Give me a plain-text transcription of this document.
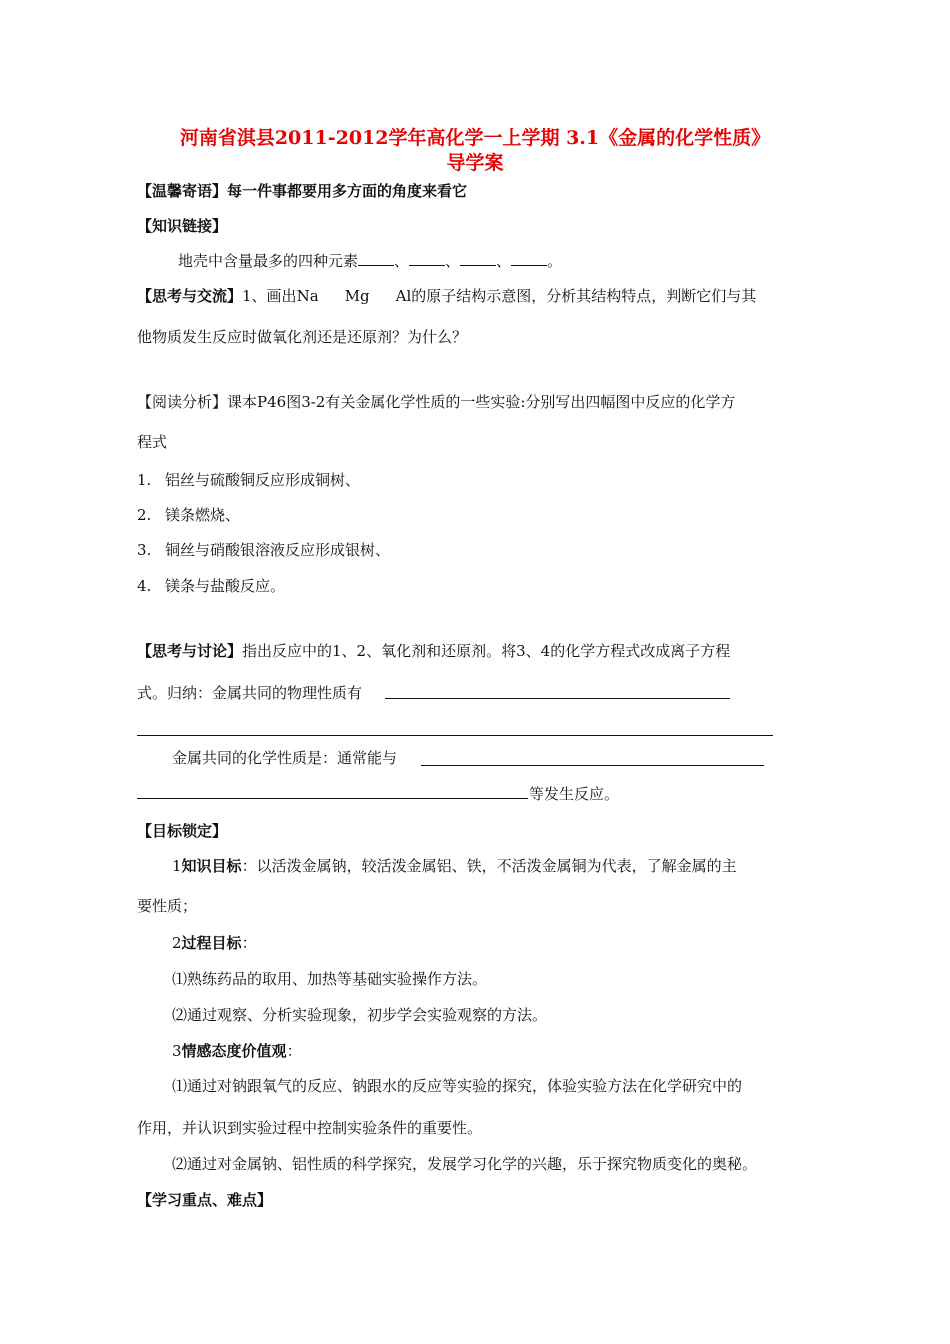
河南省淇县2011-2012学年高化学一上学期 3.1《金属的化学性质》
导学案
【温馨寄语】每一件事都要用多方面的角度来看它
【知识链接】
地壳中含量最多的四种元素 、 、 、 。
【思考与交流】1、画出Na Mg Al的原子结构示意图，分析其结构特点，判断它们与其
他物质发生反应时做氧化剂还是还原剂？为什么？
【阅读分析】课本P46图3-2有关金属化学性质的一些实验:分别写出四幅图中反应的化学方
程式
1. 铝丝与硫酸铜反应形成铜树、
2. 镁条燃烧、
3. 铜丝与硝酸银溶液反应形成银树、
4. 镁条与盐酸反应。
【思考与讨论】指出反应中的1、2、氧化剂和还原剂。将3、4的化学方程式改成离子方程
式。归纳：金属共同的物理性质有
金属共同的化学性质是：通常能与
等发生反应。
【目标锁定】
1知识目标：以活泼金属钠，较活泼金属铝、铁，不活泼金属铜为代表，了解金属的主
要性质；
2过程目标：
⑴熟练药品的取用、加热等基础实验操作方法。
⑵通过观察、分析实验现象，初步学会实验观察的方法。
3情感态度价值观：
⑴通过对钠跟氧气的反应、钠跟水的反应等实验的探究，体验实验方法在化学研究中的
作用，并认识到实验过程中控制实验条件的重要性。
⑵通过对金属钠、铝性质的科学探究，发展学习化学的兴趣，乐于探究物质变化的奥秘。
【学习重点、难点】
